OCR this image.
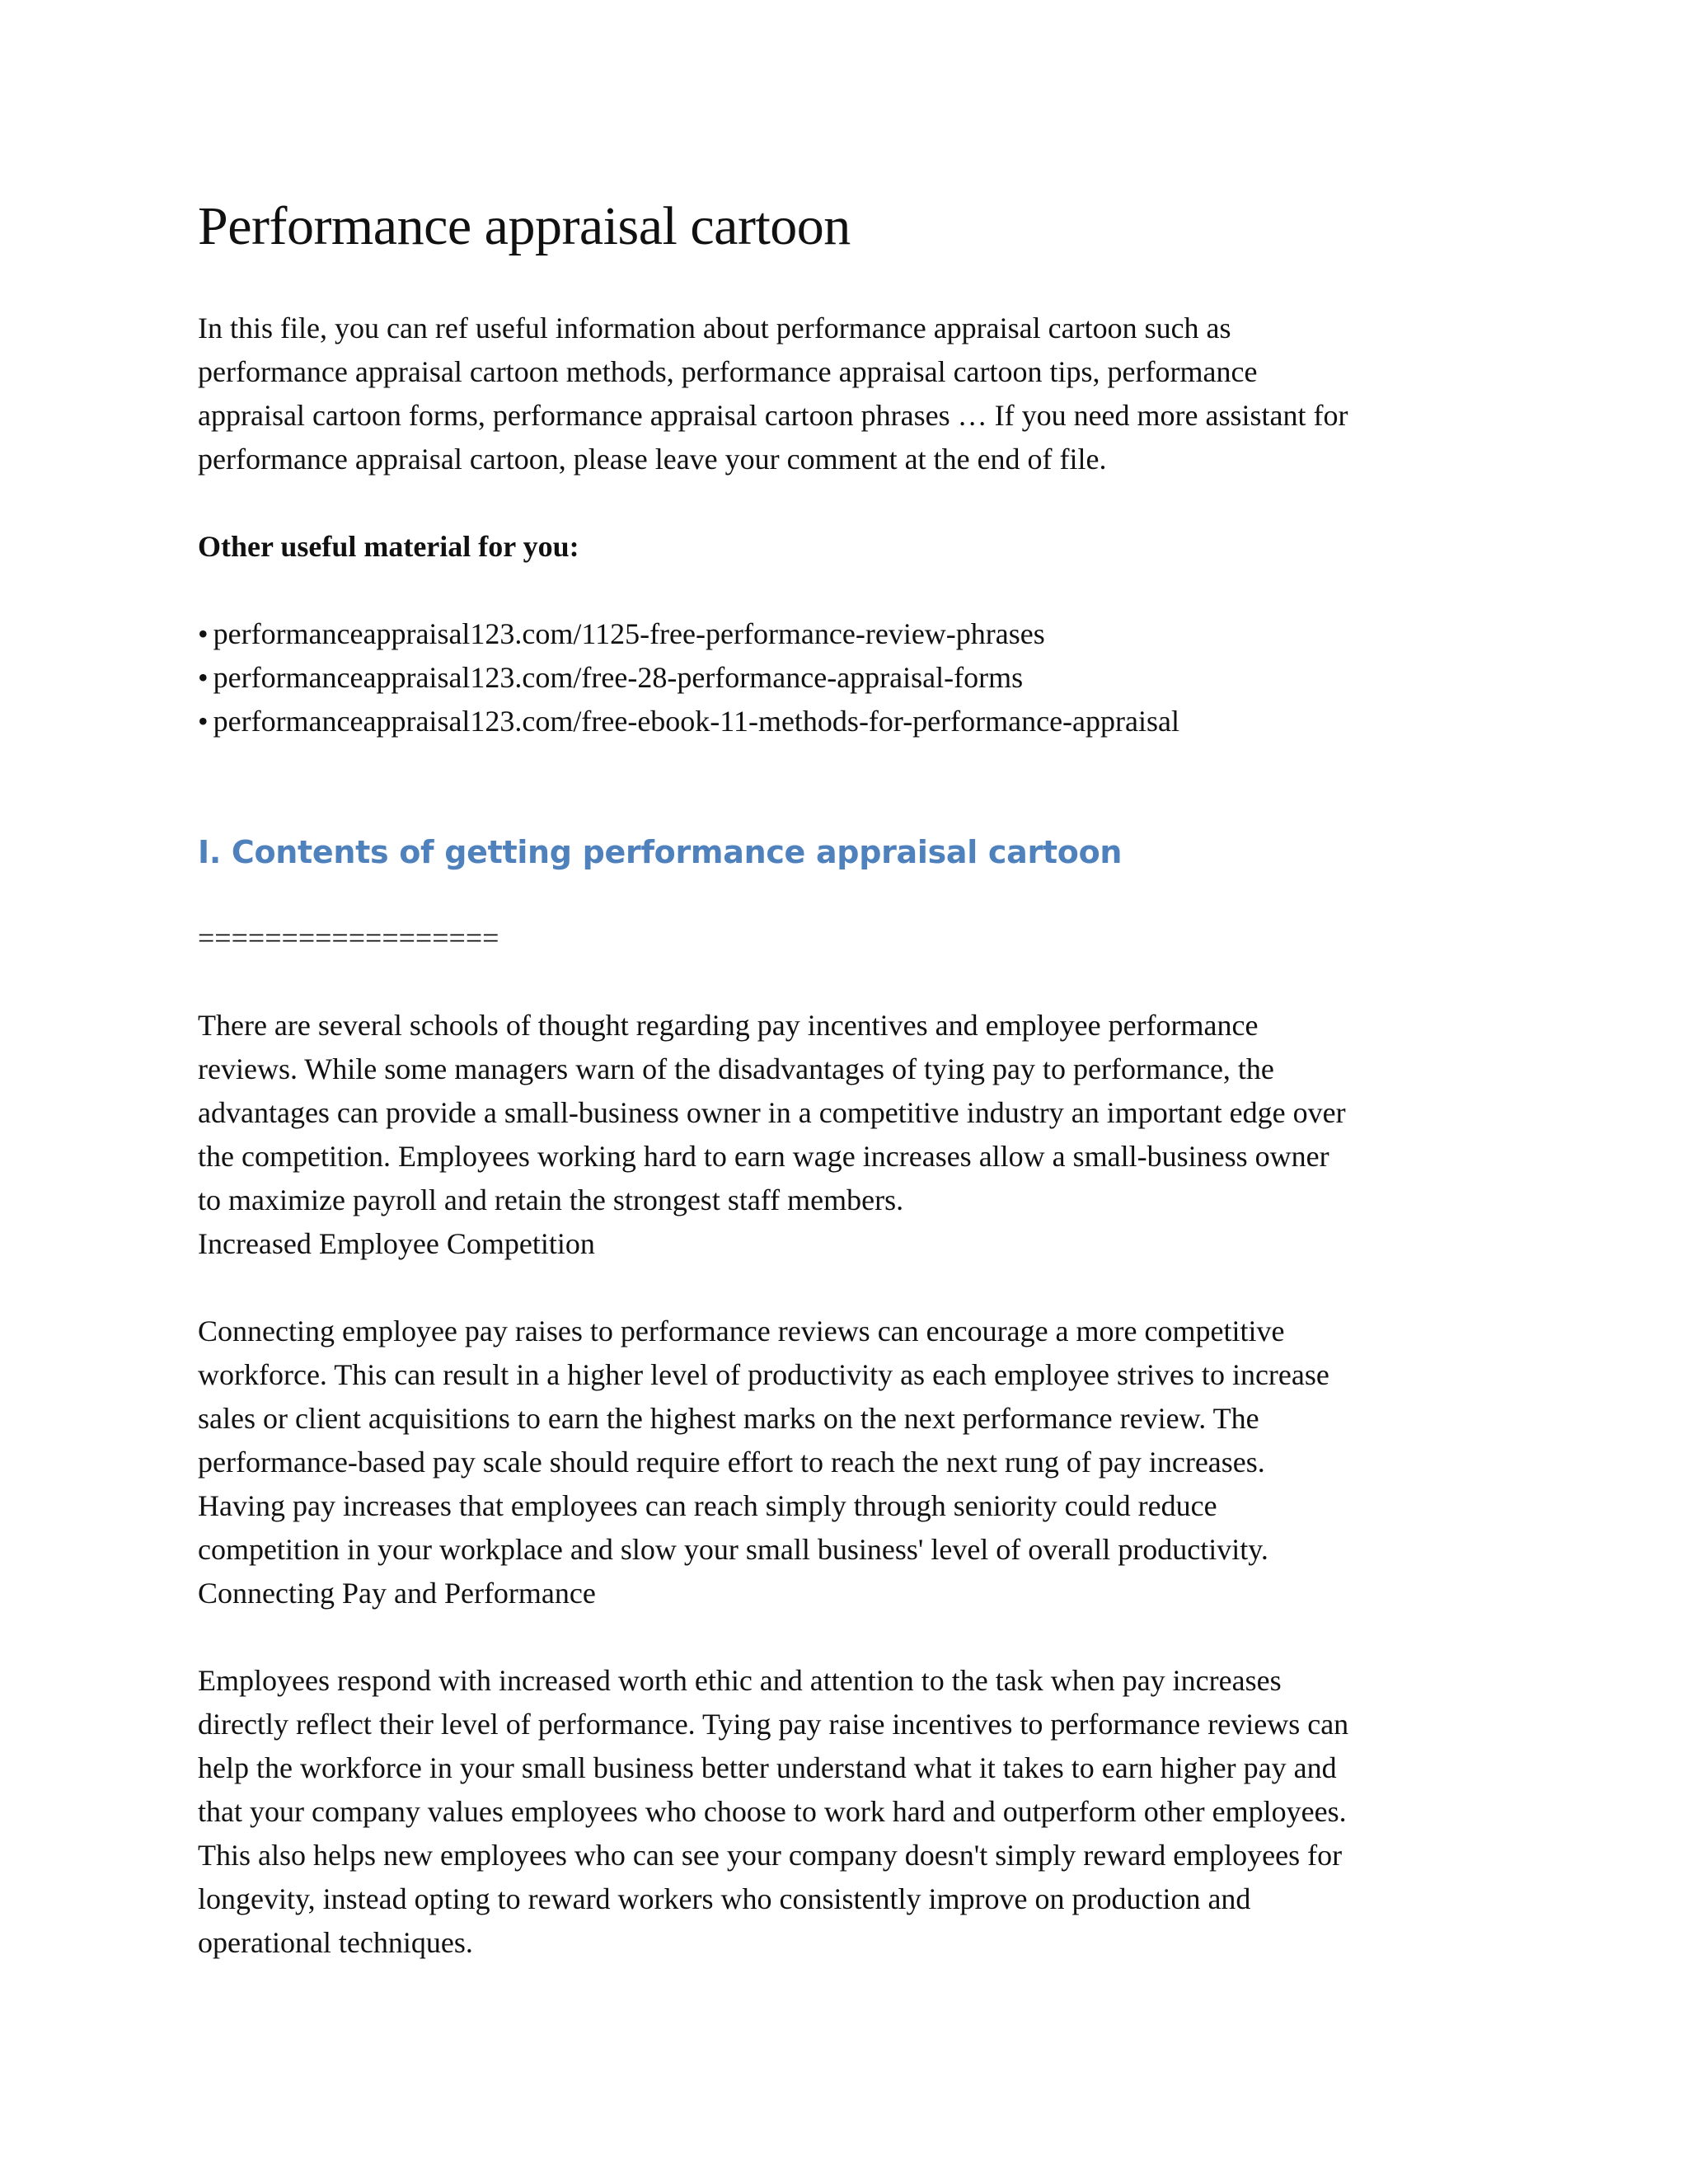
Performance appraisal cartoon

In this file, you can ref useful information about performance appraisal cartoon such as
performance appraisal cartoon methods, performance appraisal cartoon tips, performance
appraisal cartoon forms, performance appraisal cartoon phrases … If you need more assistant for
performance appraisal cartoon, please leave your comment at the end of file.

Other useful material for you:

• performanceappraisal123.com/1125-free-performance-review-phrases
• performanceappraisal123.com/free-28-performance-appraisal-forms
• performanceappraisal123.com/free-ebook-11-methods-for-performance-appraisal
I. Contents of getting performance appraisal cartoon
==================

There are several schools of thought regarding pay incentives and employee performance
reviews. While some managers warn of the disadvantages of tying pay to performance, the
advantages can provide a small-business owner in a competitive industry an important edge over
the competition. Employees working hard to earn wage increases allow a small-business owner
to maximize payroll and retain the strongest staff members.

Increased Employee Competition

Connecting employee pay raises to performance reviews can encourage a more competitive
workforce. This can result in a higher level of productivity as each employee strives to increase
sales or client acquisitions to earn the highest marks on the next performance review. The
performance-based pay scale should require effort to reach the next rung of pay increases.
Having pay increases that employees can reach simply through seniority could reduce
competition in your workplace and slow your small business' level of overall productivity.

Connecting Pay and Performance

Employees respond with increased worth ethic and attention to the task when pay increases
directly reflect their level of performance. Tying pay raise incentives to performance reviews can
help the workforce in your small business better understand what it takes to earn higher pay and
that your company values employees who choose to work hard and outperform other employees.
This also helps new employees who can see your company doesn't simply reward employees for
longevity, instead opting to reward workers who consistently improve on production and
operational techniques.
